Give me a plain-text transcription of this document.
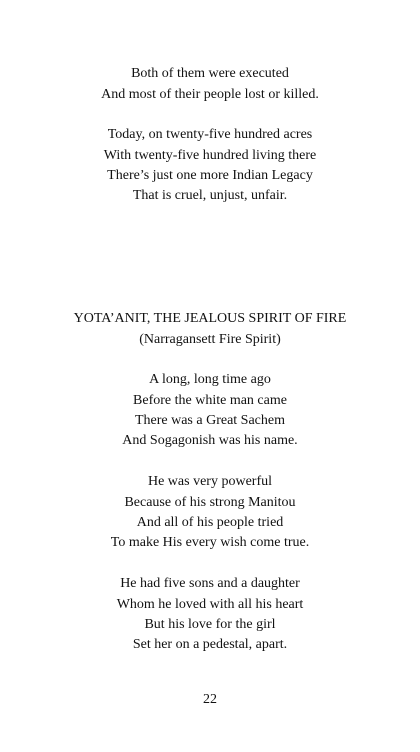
Both of them were executed
And most of their people lost or killed.
Today, on twenty-five hundred acres
With twenty-five hundred living there
There’s just one more Indian Legacy
That is cruel, unjust, unfair.
YOTA’ANIT, THE JEALOUS SPIRIT OF FIRE
(Narragansett Fire Spirit)
A long, long time ago
Before the white man came
There was a Great Sachem
And Sogagonish was his name.
He was very powerful
Because of his strong Manitou
And all of his people tried
To make His every wish come true.
He had five sons and a daughter
Whom he loved with all his heart
But his love for the girl
Set her on a pedestal, apart.
22
